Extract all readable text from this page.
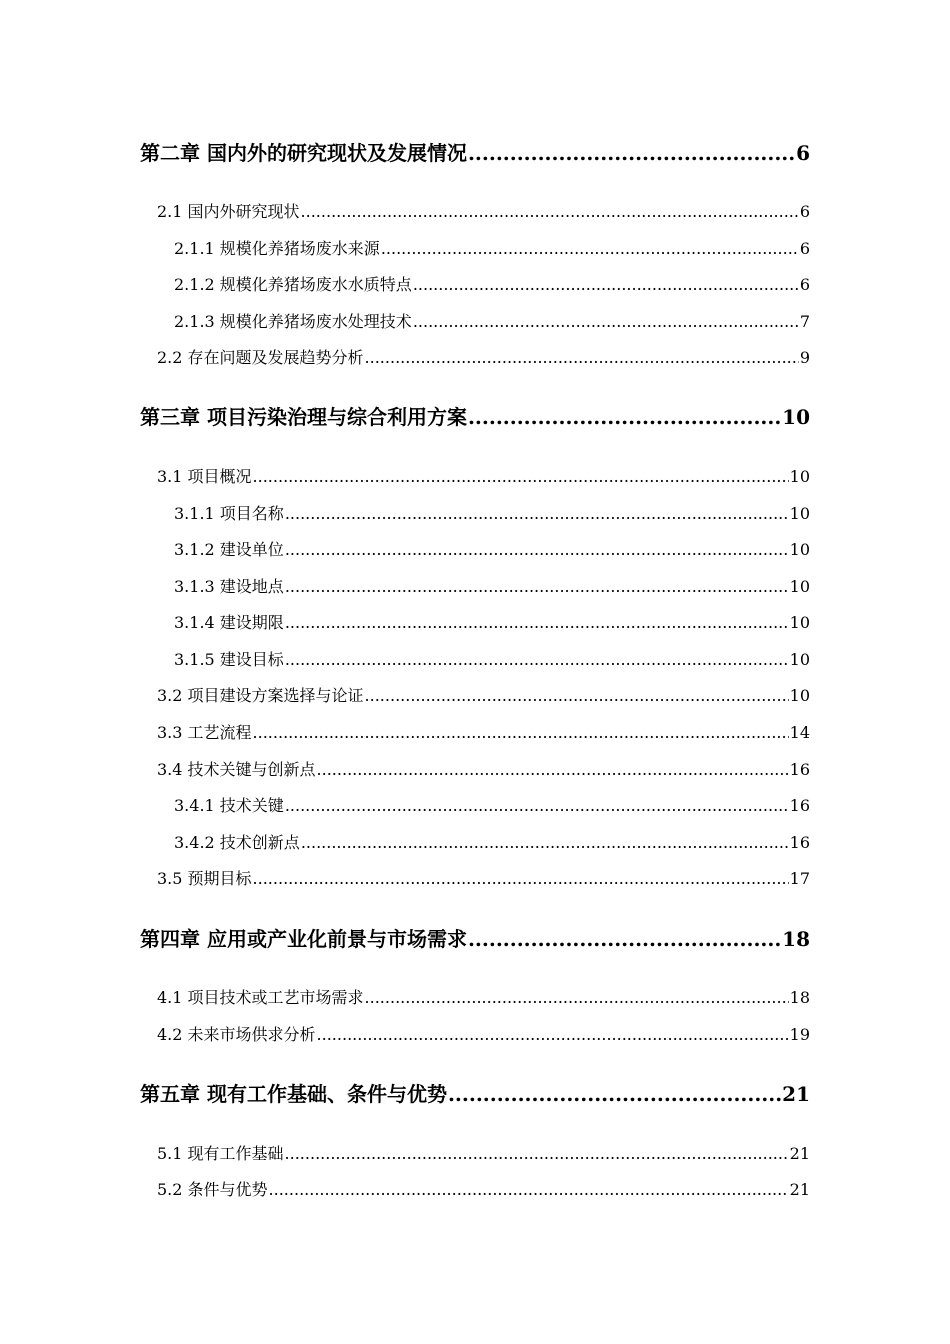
第二章 国内外的研究现状及发展情况 .....	6
2.1 国内外研究现状 .....	6
2.1.1 规模化养猪场废水来源 .....	6
2.1.2 规模化养猪场废水水质特点 .....	6
2.1.3 规模化养猪场废水处理技术 .....	7
2.2 存在问题及发展趋势分析 .....	9
第三章 项目污染治理与综合利用方案 .....	10
3.1 项目概况 .....	10
3.1.1 项目名称 .....	10
3.1.2 建设单位 .....	10
3.1.3 建设地点 .....	10
3.1.4 建设期限 .....	10
3.1.5 建设目标 .....	10
3.2 项目建设方案选择与论证 .....	10
3.3 工艺流程 .....	14
3.4 技术关键与创新点 .....	16
3.4.1 技术关键 .....	16
3.4.2 技术创新点 .....	16
3.5 预期目标 .....	17
第四章 应用或产业化前景与市场需求 .....	18
4.1 项目技术或工艺市场需求 .....	18
4.2 未来市场供求分析 .....	19
第五章 现有工作基础、条件与优势 .....	21
5.1 现有工作基础 .....	21
5.2 条件与优势 .....	21
